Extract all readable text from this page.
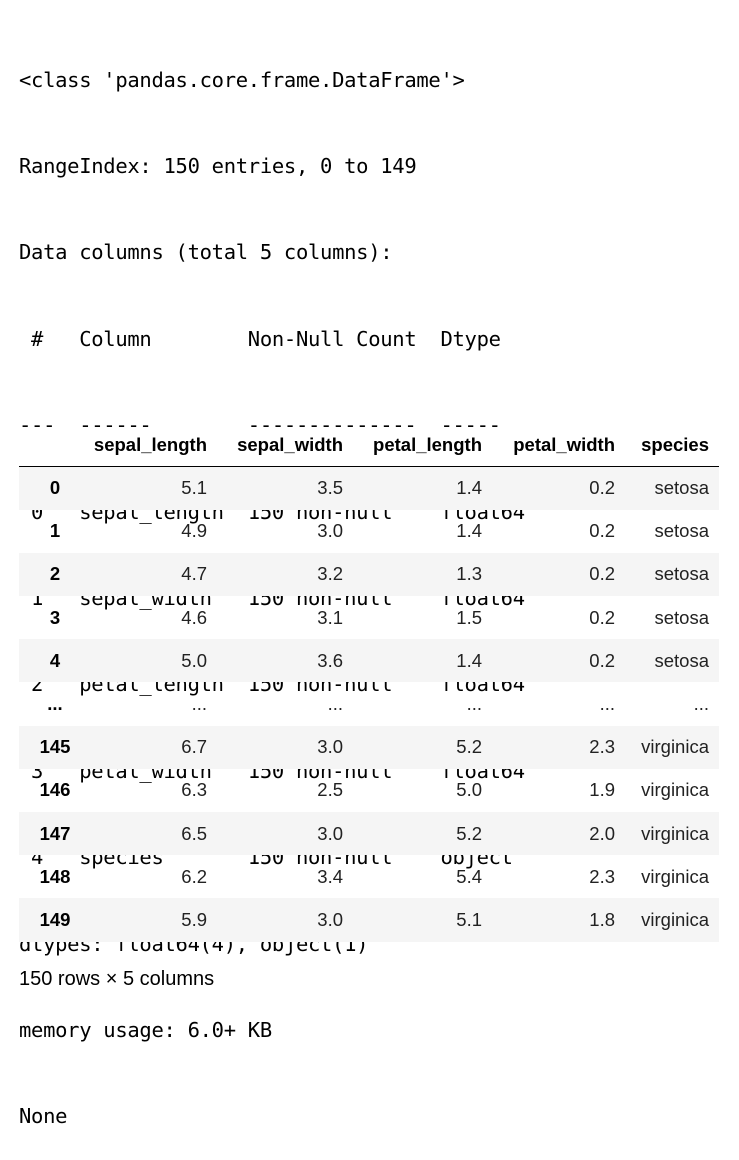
<class 'pandas.core.frame.DataFrame'>

RangeIndex: 150 entries, 0 to 149

Data columns (total 5 columns):

#   Column        Non-Null Count  Dtype

---  ------        --------------  -----

0   sepal_length  150 non-null    float64

1   sepal_width   150 non-null    float64

2   petal_length  150 non-null    float64

3   petal_width   150 non-null    float64

4   species       150 non-null    object

dtypes: float64(4), object(1)

memory usage: 6.0+ KB

None

	sepal_length	sepal_width	petal_length	petal_width	species
0	5.1	3.5	1.4	0.2	setosa
1	4.9	3.0	1.4	0.2	setosa
2	4.7	3.2	1.3	0.2	setosa
3	4.6	3.1	1.5	0.2	setosa
4	5.0	3.6	1.4	0.2	setosa
...	...	...	...	...	...
145	6.7	3.0	5.2	2.3	virginica
146	6.3	2.5	5.0	1.9	virginica
147	6.5	3.0	5.2	2.0	virginica
148	6.2	3.4	5.4	2.3	virginica
149	5.9	3.0	5.1	1.8	virginica
150 rows × 5 columns
